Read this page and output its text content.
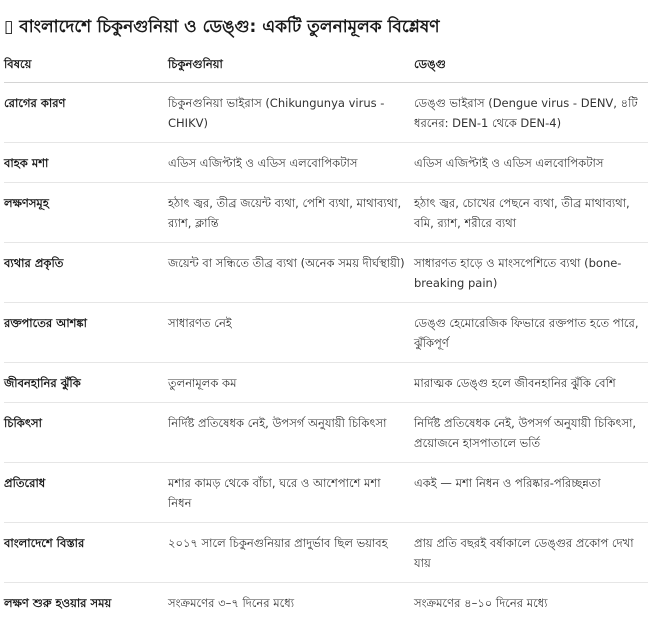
▯ বাংলাদেশে চিকুনগুনিয়া ও ডেঙ্গু: একটি তুলনামূলক বিশ্লেষণ
বিষয়ে	চিকুনগুনিয়া	ডেঙ্গু

রোগের কারণ	চিকুনগুনিয়া ভাইরাস (Chikungunya virus - CHIKV)	ডেঙ্গু ভাইরাস (Dengue virus - DENV, ৪টি ধরনের: DEN-1 থেকে DEN-4)

বাহক মশা	এডিস এজিপ্টাই ও এডিস এলবোপিকটাস	এডিস এজিপ্টাই ও এডিস এলবোপিকটাস

লক্ষণসমূহ	হঠাৎ জ্বর, তীব্র জয়েন্ট ব্যথা, পেশি ব্যথা, মাথাব্যথা, র‍্যাশ, ক্লান্তি	হঠাৎ জ্বর, চোখের পেছনে ব্যথা, তীব্র মাথাব্যথা, বমি, র‍্যাশ, শরীরে ব্যথা

ব্যথার প্রকৃতি	জয়েন্ট বা সন্ধিতে তীব্র ব্যথা (অনেক সময় দীর্ঘস্থায়ী)	সাধারণত হাড়ে ও মাংসপেশিতে ব্যথা (bone-breaking pain)

রক্তপাতের আশঙ্কা	সাধারণত নেই	ডেঙ্গু হেমোরেজিক ফিভারে রক্তপাত হতে পারে, ঝুঁকিপূর্ণ

জীবনহানির ঝুঁকি	তুলনামূলক কম	মারাত্মক ডেঙ্গু হলে জীবনহানির ঝুঁকি বেশি

চিকিৎসা	নির্দিষ্ট প্রতিষেধক নেই, উপসর্গ অনুযায়ী চিকিৎসা	নির্দিষ্ট প্রতিষেধক নেই, উপসর্গ অনুযায়ী চিকিৎসা, প্রয়োজনে হাসপাতালে ভর্তি

প্রতিরোধ	মশার কামড় থেকে বাঁচা, ঘরে ও আশেপাশে মশা নিধন	একই — মশা নিধন ও পরিষ্কার-পরিচ্ছন্নতা

বাংলাদেশে বিস্তার	২০১৭ সালে চিকুনগুনিয়ার প্রাদুর্ভাব ছিল ভয়াবহ	প্রায় প্রতি বছরই বর্ষাকালে ডেঙ্গুর প্রকোপ দেখা যায়

লক্ষণ শুরু হওয়ার সময়	সংক্রমণের ৩–৭ দিনের মধ্যে	সংক্রমণের ৪–১০ দিনের মধ্যে
